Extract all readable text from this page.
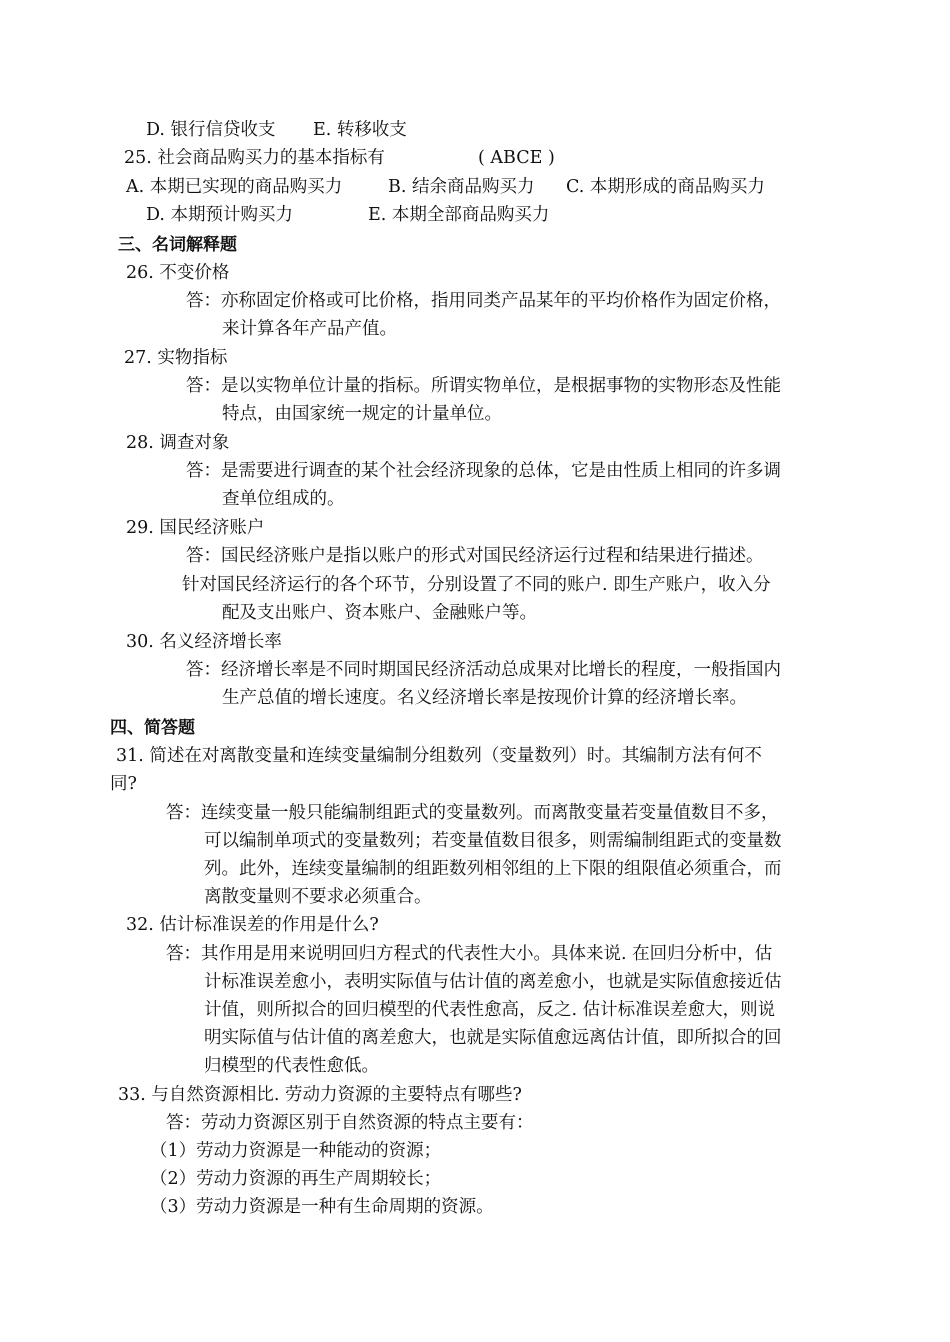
D. 银行信贷收支 E. 转移收支
25. 社会商品购买力的基本指标有	( ABCE )
A. 本期已实现的商品购买力	B. 结余商品购买力 C. 本期形成的商品购买力
D. 本期预计购买力	E. 本期全部商品购买力
三、名词解释题
26. 不变价格
答：亦称固定价格或可比价格，指用同类产品某年的平均价格作为固定价格，
来计算各年产品产值。
27. 实物指标
答：是以实物单位计量的指标。所谓实物单位，是根据事物的实物形态及性能
特点，由国家统一规定的计量单位。
28. 调查对象
答：是需要进行调查的某个社会经济现象的总体，它是由性质上相同的许多调
查单位组成的。
29. 国民经济账户
答：国民经济账户是指以账户的形式对国民经济运行过程和结果进行描述。
针对国民经济运行的各个环节，分别设置了不同的账户. 即生产账户，收入分
配及支出账户、资本账户、金融账户等。
30. 名义经济增长率
答：经济增长率是不同时期国民经济活动总成果对比增长的程度，一般指国内
生产总值的增长速度。名义经济增长率是按现价计算的经济增长率。
四、简答题
31. 简述在对离散变量和连续变量编制分组数列（变量数列）时。其编制方法有何不
同?
答：连续变量一般只能编制组距式的变量数列。而离散变量若变量值数目不多，
可以编制单项式的变量数列；若变量值数目很多，则需编制组距式的变量数
列。此外，连续变量编制的组距数列相邻组的上下限的组限值必须重合，而
离散变量则不要求必须重合。
32. 估计标准误差的作用是什么?
答：其作用是用来说明回归方程式的代表性大小。具体来说. 在回归分析中，估
计标准误差愈小，表明实际值与估计值的离差愈小，也就是实际值愈接近估
计值，则所拟合的回归模型的代表性愈高，反之. 估计标准误差愈大，则说
明实际值与估计值的离差愈大，也就是实际值愈远离估计值，即所拟合的回
归模型的代表性愈低。
33. 与自然资源相比. 劳动力资源的主要特点有哪些?
答：劳动力资源区别于自然资源的特点主要有：
（1）劳动力资源是一种能动的资源；
（2）劳动力资源的再生产周期较长；
（3）劳动力资源是一种有生命周期的资源。
